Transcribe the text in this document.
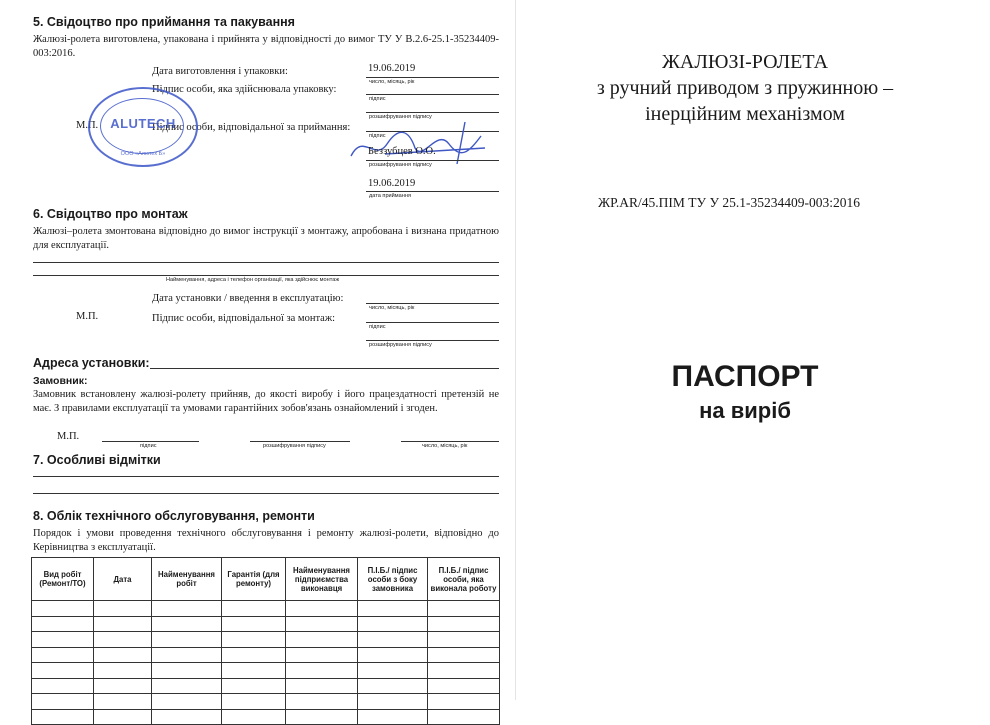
5. Свідоцтво про приймання та пакування
Жалюзі-ролета виготовлена, упакована і прийнята у відповідності до вимог ТУ У В.2.6-25.1-35234409-003:2016.
Дата виготовлення і упаковки:	19.06.2019
число, місяць, рік
Підпис особи, яка здійснювала упаковку:
підпис
розшифрування підпису
М.П.	Підпис особи, відповідальної за приймання:
підпис
Беззубцев О.О.
розшифрування підпису
19.06.2019
дата приймання
ALUTECH
ООО «Алютех Б»
6. Свідоцтво про монтаж
Жалюзі–ролета змонтована відповідно до вимог інструкції з монтажу, апробована і визнана придатною для експлуатації.
Найменування, адреса і телефон організації, яка здійснює монтаж
Дата установки / введення в експлуатацію:
число, місяць, рік
М.П.	Підпис особи, відповідальної за монтаж:
підпис
розшифрування підпису
Адреса установки:
Замовник:
Замовник встановлену жалюзі-ролету прийняв, до якості виробу і його працездатності претензій не має. З правилами експлуатації та умовами гарантійних зобов'язань ознайомлений і згоден.
М.П.
підпис	розшифрування підпису	число, місяць, рік
7. Особливі відмітки
8. Облік технічного обслуговування, ремонти
Порядок і умови проведення технічного обслуговування і ремонту жалюзі-ролети, відповідно до Керівництва з експлуатації.
Вид робіт (Ремонт/ТО)	Дата	Найменування робіт	Гарантія (для ремонту)	Найменування підприємства виконавця	П.І.Б./ підпис особи з боку замовника	П.І.Б./ підпис особи, яка виконала роботу

ЖАЛЮЗІ-РОЛЕТА
з ручний приводом з пружинною –
інерційним механізмом
ЖР.AR/45.ПІМ ТУ У 25.1-35234409-003:2016
ПАСПОРТ
на виріб
